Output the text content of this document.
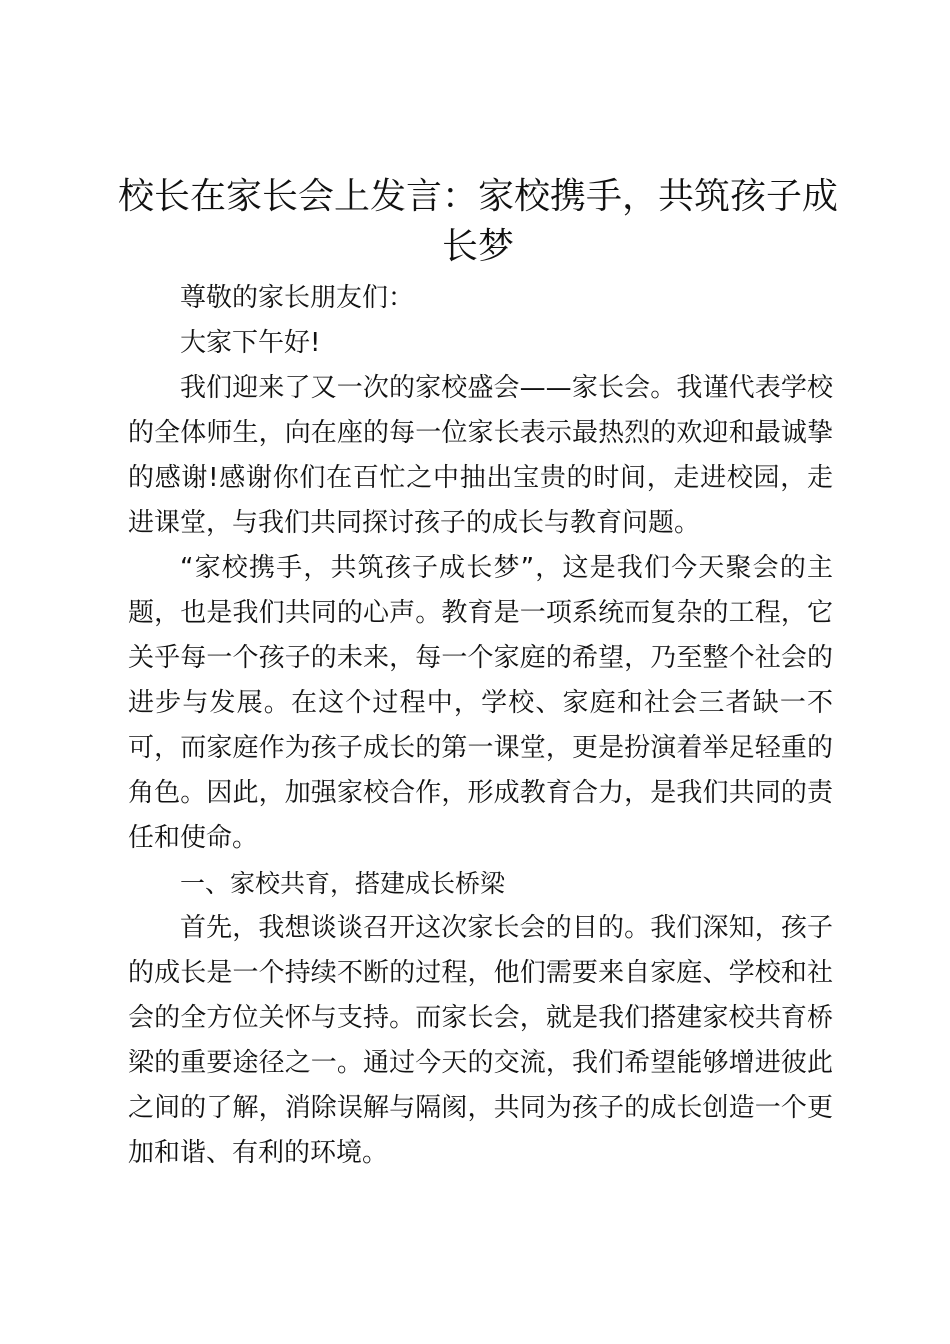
校长在家长会上发言：家校携手，共筑孩子成长梦

尊敬的家长朋友们：

大家下午好!

我们迎来了又一次的家校盛会——家长会。我谨代表学校的全体师生，向在座的每一位家长表示最热烈的欢迎和最诚挚的感谢!感谢你们在百忙之中抽出宝贵的时间，走进校园，走进课堂，与我们共同探讨孩子的成长与教育问题。

“家校携手，共筑孩子成长梦”，这是我们今天聚会的主题，也是我们共同的心声。教育是一项系统而复杂的工程，它关乎每一个孩子的未来，每一个家庭的希望，乃至整个社会的进步与发展。在这个过程中，学校、家庭和社会三者缺一不可，而家庭作为孩子成长的第一课堂，更是扮演着举足轻重的角色。因此，加强家校合作，形成教育合力，是我们共同的责任和使命。

一、家校共育，搭建成长桥梁

首先，我想谈谈召开这次家长会的目的。我们深知，孩子的成长是一个持续不断的过程，他们需要来自家庭、学校和社会的全方位关怀与支持。而家长会，就是我们搭建家校共育桥梁的重要途径之一。通过今天的交流，我们希望能够增进彼此之间的了解，消除误解与隔阂，共同为孩子的成长创造一个更加和谐、有利的环境。
